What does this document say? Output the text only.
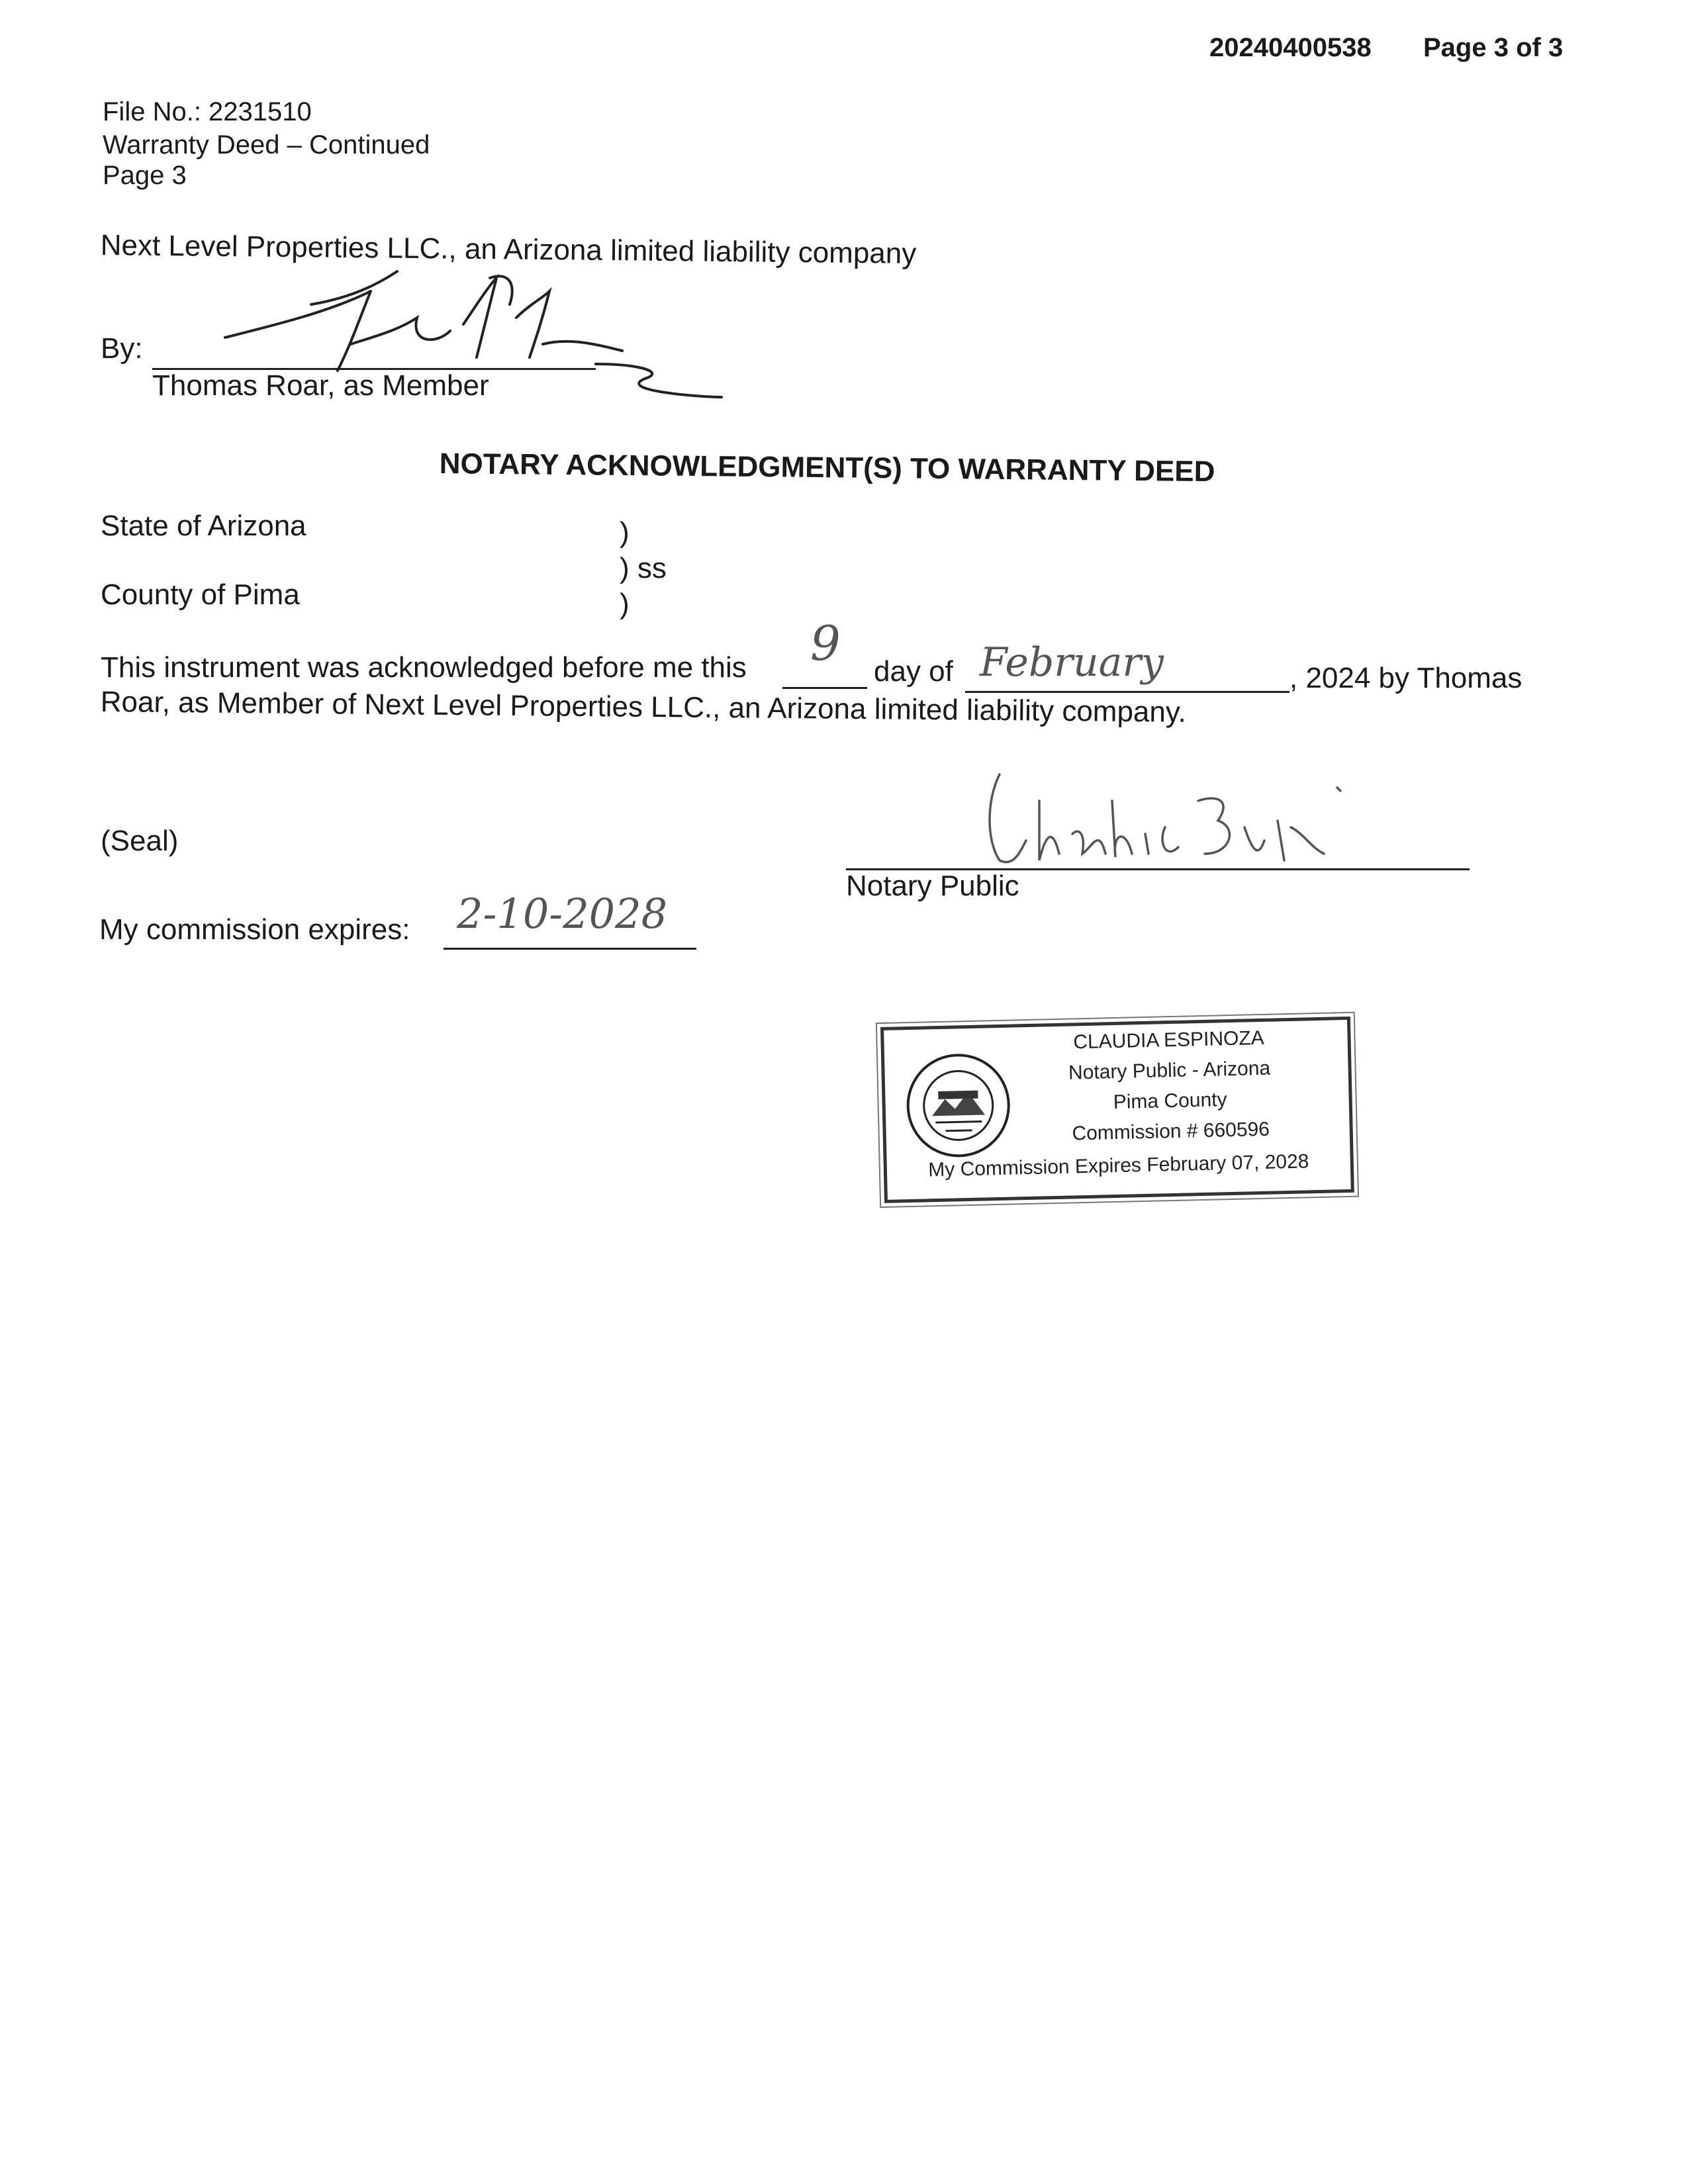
20240400538 Page 3 of 3
File No.: 2231510
Warranty Deed – Continued
Page 3
Next Level Properties LLC., an Arizona limited liability company
By:
Thomas Roar, as Member
NOTARY ACKNOWLEDGMENT(S) TO WARRANTY DEED
State of Arizona
County of Pima
)
) ss
)
This instrument was acknowledged before me this 9
day of February	, 2024 by Thomas
Roar, as Member of Next Level Properties LLC., an Arizona limited liability company.
(Seal)
Notary Public
My commission expires: 2-10-2028
CLAUDIA ESPINOZA
Notary Public - Arizona
Pima County
Commission # 660596
My Commission Expires February 07, 2028
